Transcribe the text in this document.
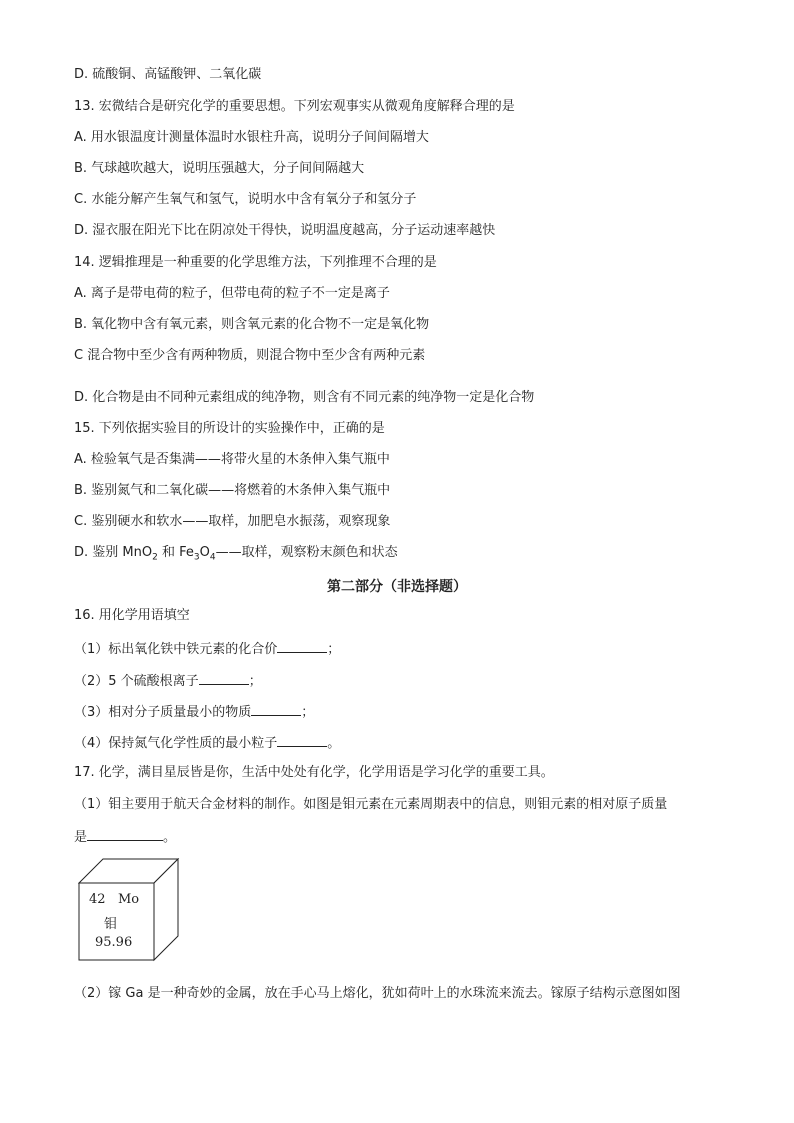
D. 硫酸铜、高锰酸钾、二氧化碳
13. 宏微结合是研究化学的重要思想。下列宏观事实从微观角度解释合理的是
A. 用水银温度计测量体温时水银柱升高，说明分子间间隔增大
B. 气球越吹越大，说明压强越大，分子间间隔越大
C. 水能分解产生氧气和氢气，说明水中含有氧分子和氢分子
D. 湿衣服在阳光下比在阴凉处干得快，说明温度越高，分子运动速率越快
14. 逻辑推理是一种重要的化学思维方法，下列推理不合理的是
A. 离子是带电荷的粒子，但带电荷的粒子不一定是离子
B. 氧化物中含有氧元素，则含氧元素的化合物不一定是氧化物
C 混合物中至少含有两种物质，则混合物中至少含有两种元素
D. 化合物是由不同种元素组成的纯净物，则含有不同元素的纯净物一定是化合物
15. 下列依据实验目的所设计的实验操作中，正确的是
A. 检验氧气是否集满——将带火星的木条伸入集气瓶中
B. 鉴别氮气和二氧化碳——将燃着的木条伸入集气瓶中
C. 鉴别硬水和软水——取样，加肥皂水振荡，观察现象
D. 鉴别 MnO$_2$ 和 $Fe_3O_4——$取样，观察粉末颜色和状态
第二部分（非选择题）
16. 用化学用语填空
（1）标出氧化铁中铁元素的化合价	；
（2）5 个硫酸根离子	；
（3）相对分子质量最小的物质	；
（4）保持氮气化学性质的最小粒子	。
17. 化学，满目星辰皆是你，生活中处处有化学，化学用语是学习化学的重要工具。
（1）钼主要用于航天合金材料的制作。如图是钼元素在元素周期表中的信息，则钼元素的相对原子质量
是	。
42 Mo
钼
95.96
（2）镓 Ga 是一种奇妙的金属，放在手心马上熔化，犹如荷叶上的水珠流来流去。镓原子结构示意图如图
